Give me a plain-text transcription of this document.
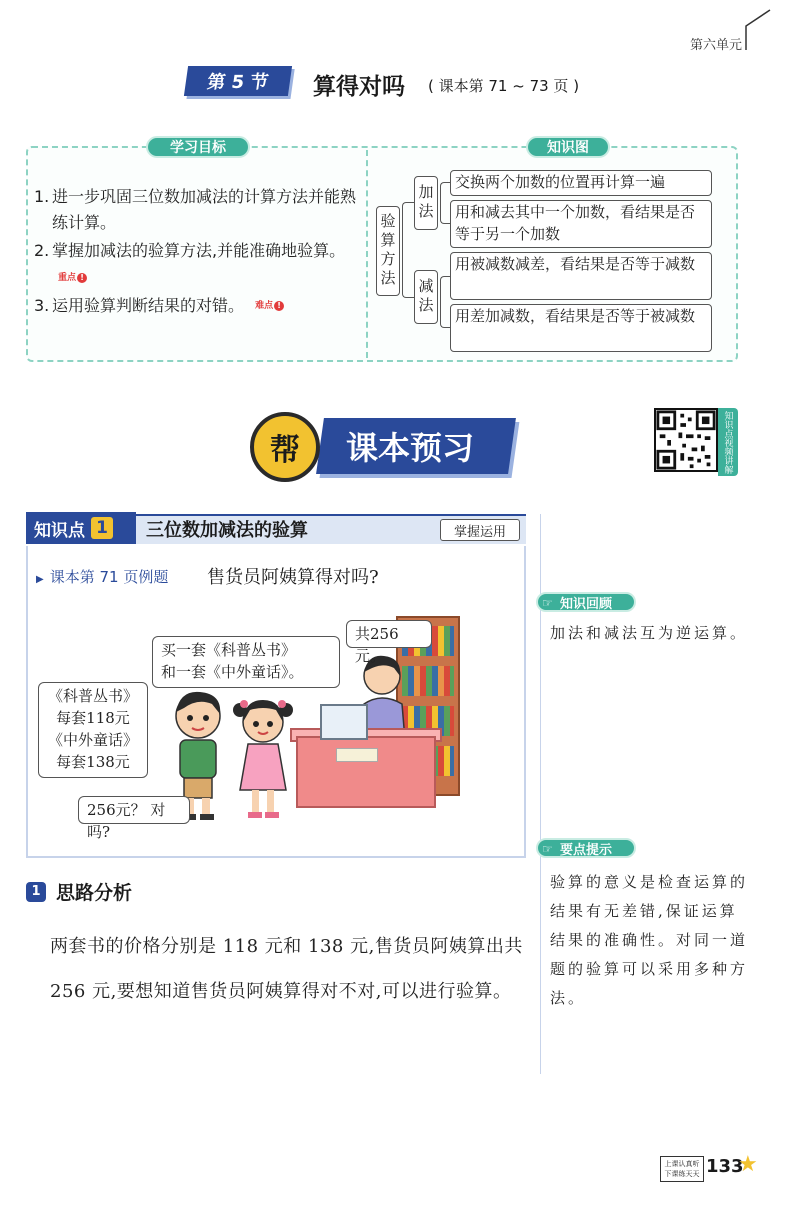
第六单元
第 5 节	算得对吗 ( 课本第 71 ~ 73 页 )
学习目标	知识图
1. 进一步巩固三位数加减法的计算方法并能熟练计算。
2. 掌握加减法的验算方法,并能准确地验算。 重点 !
3. 运用验算判断结果的对错。 难点 !
验算方法
加法
减法
交换两个加数的位置再计算一遍
用和减去其中一个加数，看结果是否等于另一个加数
用被减数减差，看结果是否等于减数
用差加减数，看结果是否等于被减数
课本预习
帮	知识点视频讲解
知识点 1 三位数加减法的验算	掌握运用
▶ 课本第 71 页例题 售货员阿姨算得对吗?
买一套《科普丛书》
和一套《中外童话》。
共256元。
《科普丛书》
每套118元
《中外童话》
每套138元
256元？ 对吗?
☞ 知识回顾
加法和减法互为逆运算。
☞ 要点提示
验算的意义是检查运算的结果有无差错,保证运算结果的准确性。对同一道题的验算可以采用多种方法。
1 思路分析
两套书的价格分别是 118 元和 138 元,售货员阿姨算出共 256 元,要想知道售货员阿姨算得对不对,可以进行验算。
上课认真听 下课练天天 133
★
